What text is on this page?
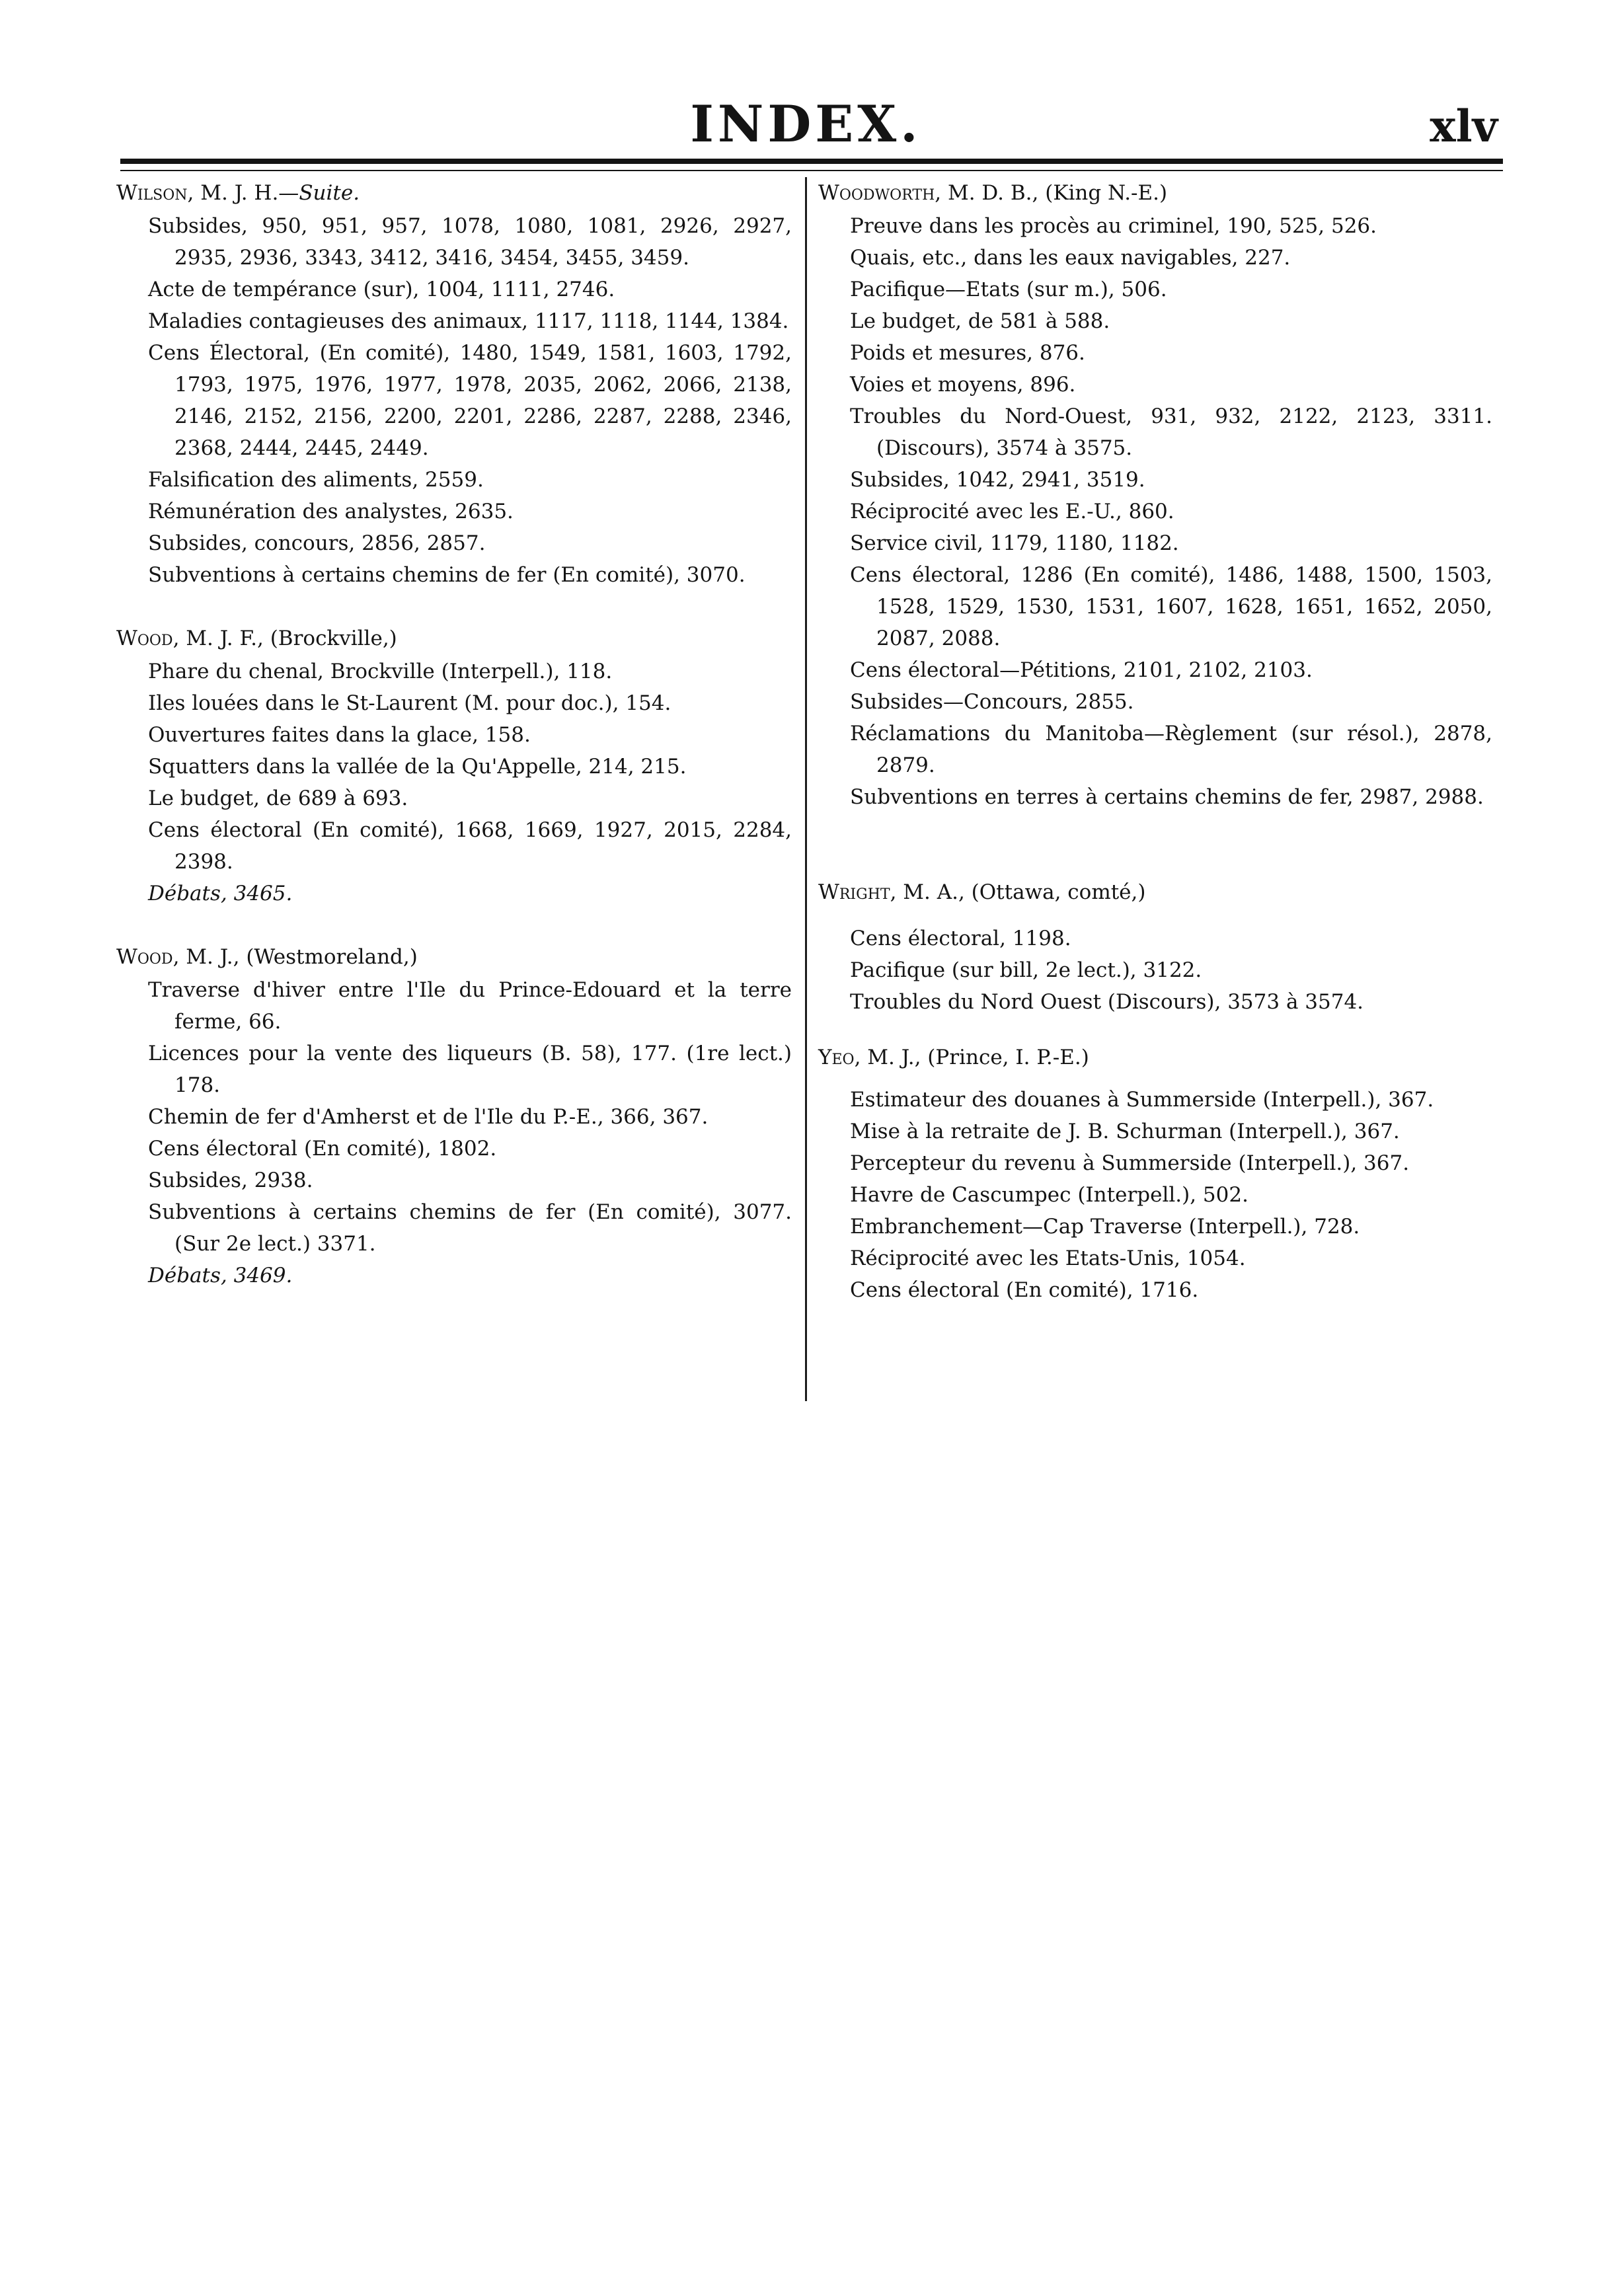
INDEX.	xlv
Wilson, M. J. H.—Suite.
Subsides, 950, 951, 957, 1078, 1080, 1081, 2926, 2927, 2935, 2936, 3343, 3412, 3416, 3454, 3455, 3459.
Acte de tempérance (sur), 1004, 1111, 2746.
Maladies contagieuses des animaux, 1117, 1118, 1144, 1384.
Cens Électoral, (En comité), 1480, 1549, 1581, 1603, 1792, 1793, 1975, 1976, 1977, 1978, 2035, 2062, 2066, 2138, 2146, 2152, 2156, 2200, 2201, 2286, 2287, 2288, 2346, 2368, 2444, 2445, 2449.
Falsification des aliments, 2559.
Rémunération des analystes, 2635.
Subsides, concours, 2856, 2857.
Subventions à certains chemins de fer (En comité), 3070.
Wood, M. J. F., (Brockville,)
Phare du chenal, Brockville (Interpell.), 118.
Iles louées dans le St-Laurent (M. pour doc.), 154.
Ouvertures faites dans la glace, 158.
Squatters dans la vallée de la Qu'Appelle, 214, 215.
Le budget, de 689 à 693.
Cens électoral (En comité), 1668, 1669, 1927, 2015, 2284, 2398.
Débats, 3465.
Wood, M. J., (Westmoreland,)
Traverse d'hiver entre l'Ile du Prince-Edouard et la terre ferme, 66.
Licences pour la vente des liqueurs (B. 58), 177. (1re lect.) 178.
Chemin de fer d'Amherst et de l'Ile du P.-E., 366, 367.
Cens électoral (En comité), 1802.
Subsides, 2938.
Subventions à certains chemins de fer (En comité), 3077. (Sur 2e lect.) 3371.
Débats, 3469.
Woodworth, M. D. B., (King N.-E.)
Preuve dans les procès au criminel, 190, 525, 526.
Quais, etc., dans les eaux navigables, 227.
Pacifique—Etats (sur m.), 506.
Le budget, de 581 à 588.
Poids et mesures, 876.
Voies et moyens, 896.
Troubles du Nord-Ouest, 931, 932, 2122, 2123, 3311. (Discours), 3574 à 3575.
Subsides, 1042, 2941, 3519.
Réciprocité avec les E.-U., 860.
Service civil, 1179, 1180, 1182.
Cens électoral, 1286 (En comité), 1486, 1488, 1500, 1503, 1528, 1529, 1530, 1531, 1607, 1628, 1651, 1652, 2050, 2087, 2088.
Cens électoral—Pétitions, 2101, 2102, 2103.
Subsides—Concours, 2855.
Réclamations du Manitoba—Règlement (sur résol.), 2878, 2879.
Subventions en terres à certains chemins de fer, 2987, 2988.
Wright, M. A., (Ottawa, comté,)
Cens électoral, 1198.
Pacifique (sur bill, 2e lect.), 3122.
Troubles du Nord Ouest (Discours), 3573 à 3574.
Yeo, M. J., (Prince, I. P.-E.)
Estimateur des douanes à Summerside (Interpell.), 367.
Mise à la retraite de J. B. Schurman (Interpell.), 367.
Percepteur du revenu à Summerside (Interpell.), 367.
Havre de Cascumpec (Interpell.), 502.
Embranchement—Cap Traverse (Interpell.), 728.
Réciprocité avec les Etats-Unis, 1054.
Cens électoral (En comité), 1716.
